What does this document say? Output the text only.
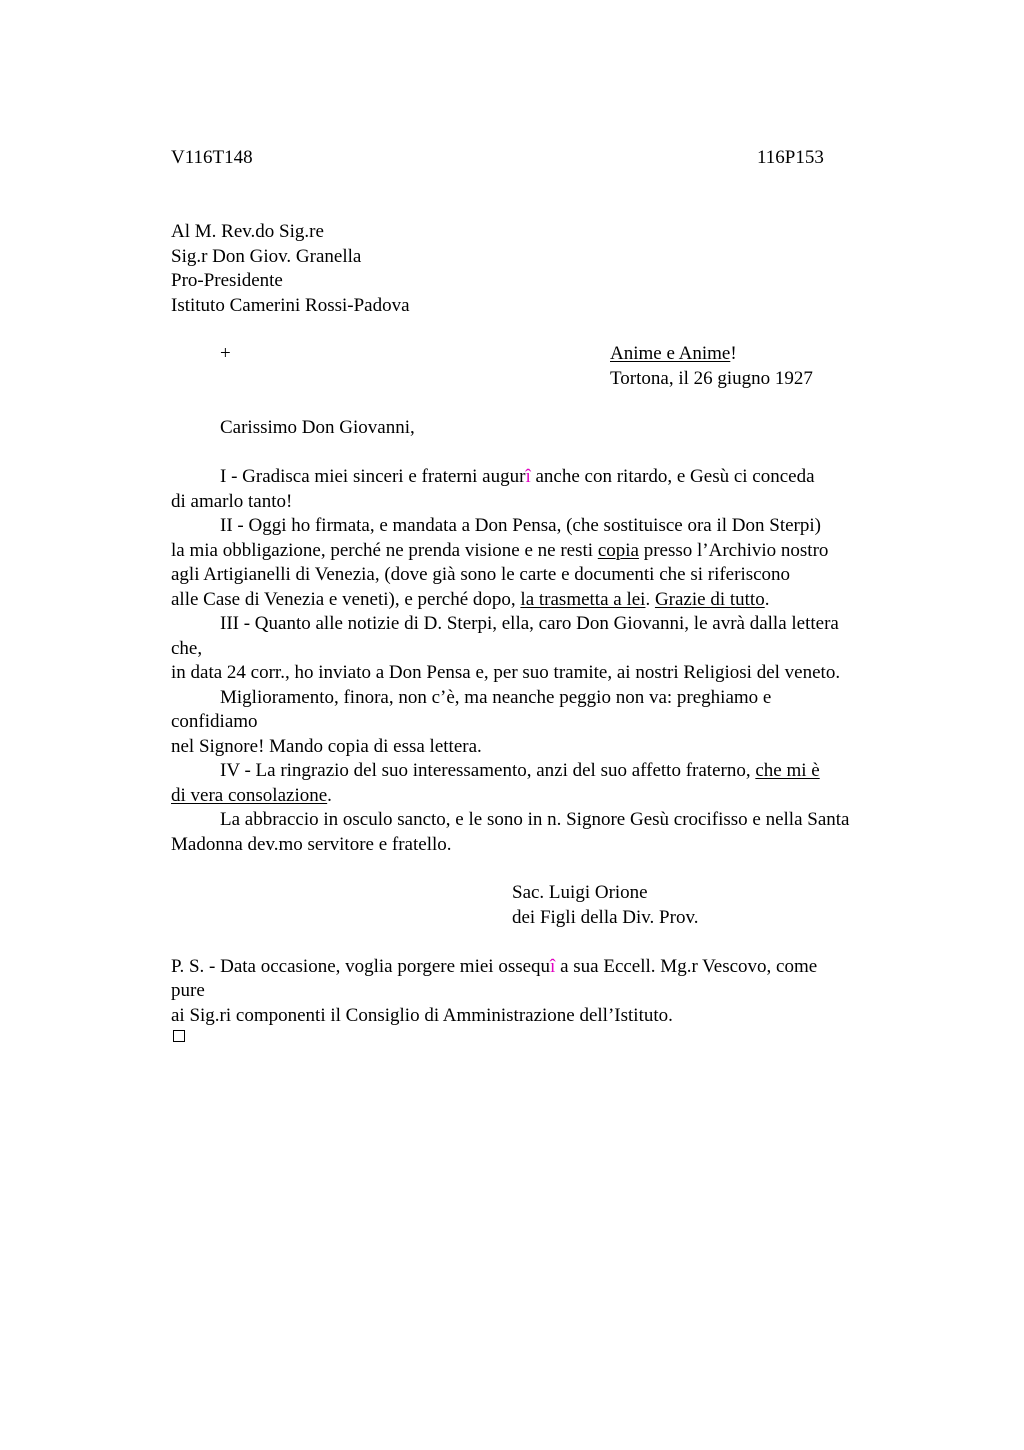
V116T148	116P153
Al M. Rev.do Sig.re
Sig.r Don Giov. Granella
Pro-Presidente
Istituto Camerini Rossi-Padova
+	Anime e Anime!
Tortona, il 26 giugno 1927
Carissimo Don Giovanni,
I - Gradisca miei sinceri e fraterni augurî anche con ritardo, e Gesù ci conceda
di amarlo tanto!
II - Oggi ho firmata, e mandata a Don Pensa, (che sostituisce ora il Don Sterpi)
la mia obbligazione, perché ne prenda visione e ne resti copia presso l’Archivio nostro
agli Artigianelli di Venezia, (dove già sono le carte e documenti che si riferiscono
alle Case di Venezia e veneti), e perché dopo, la trasmetta a lei. Grazie di tutto.
III - Quanto alle notizie di D. Sterpi, ella, caro Don Giovanni, le avrà dalla lettera
che,
in data 24 corr., ho inviato a Don Pensa e, per suo tramite, ai nostri Religiosi del veneto.
Miglioramento, finora, non c’è, ma neanche peggio non va: preghiamo e
confidiamo
nel Signore! Mando copia di essa lettera.
IV - La ringrazio del suo interessamento, anzi del suo affetto fraterno, che mi è
di vera consolazione.
La abbraccio in osculo sancto, e le sono in n. Signore Gesù crocifisso e nella Santa
Madonna dev.mo servitore e fratello.
Sac. Luigi Orione
dei Figli della Div. Prov.
P. S. - Data occasione, voglia porgere miei ossequî a sua Eccell. Mg.r Vescovo, come
pure
ai Sig.ri componenti il Consiglio di Amministrazione dell’Istituto.
